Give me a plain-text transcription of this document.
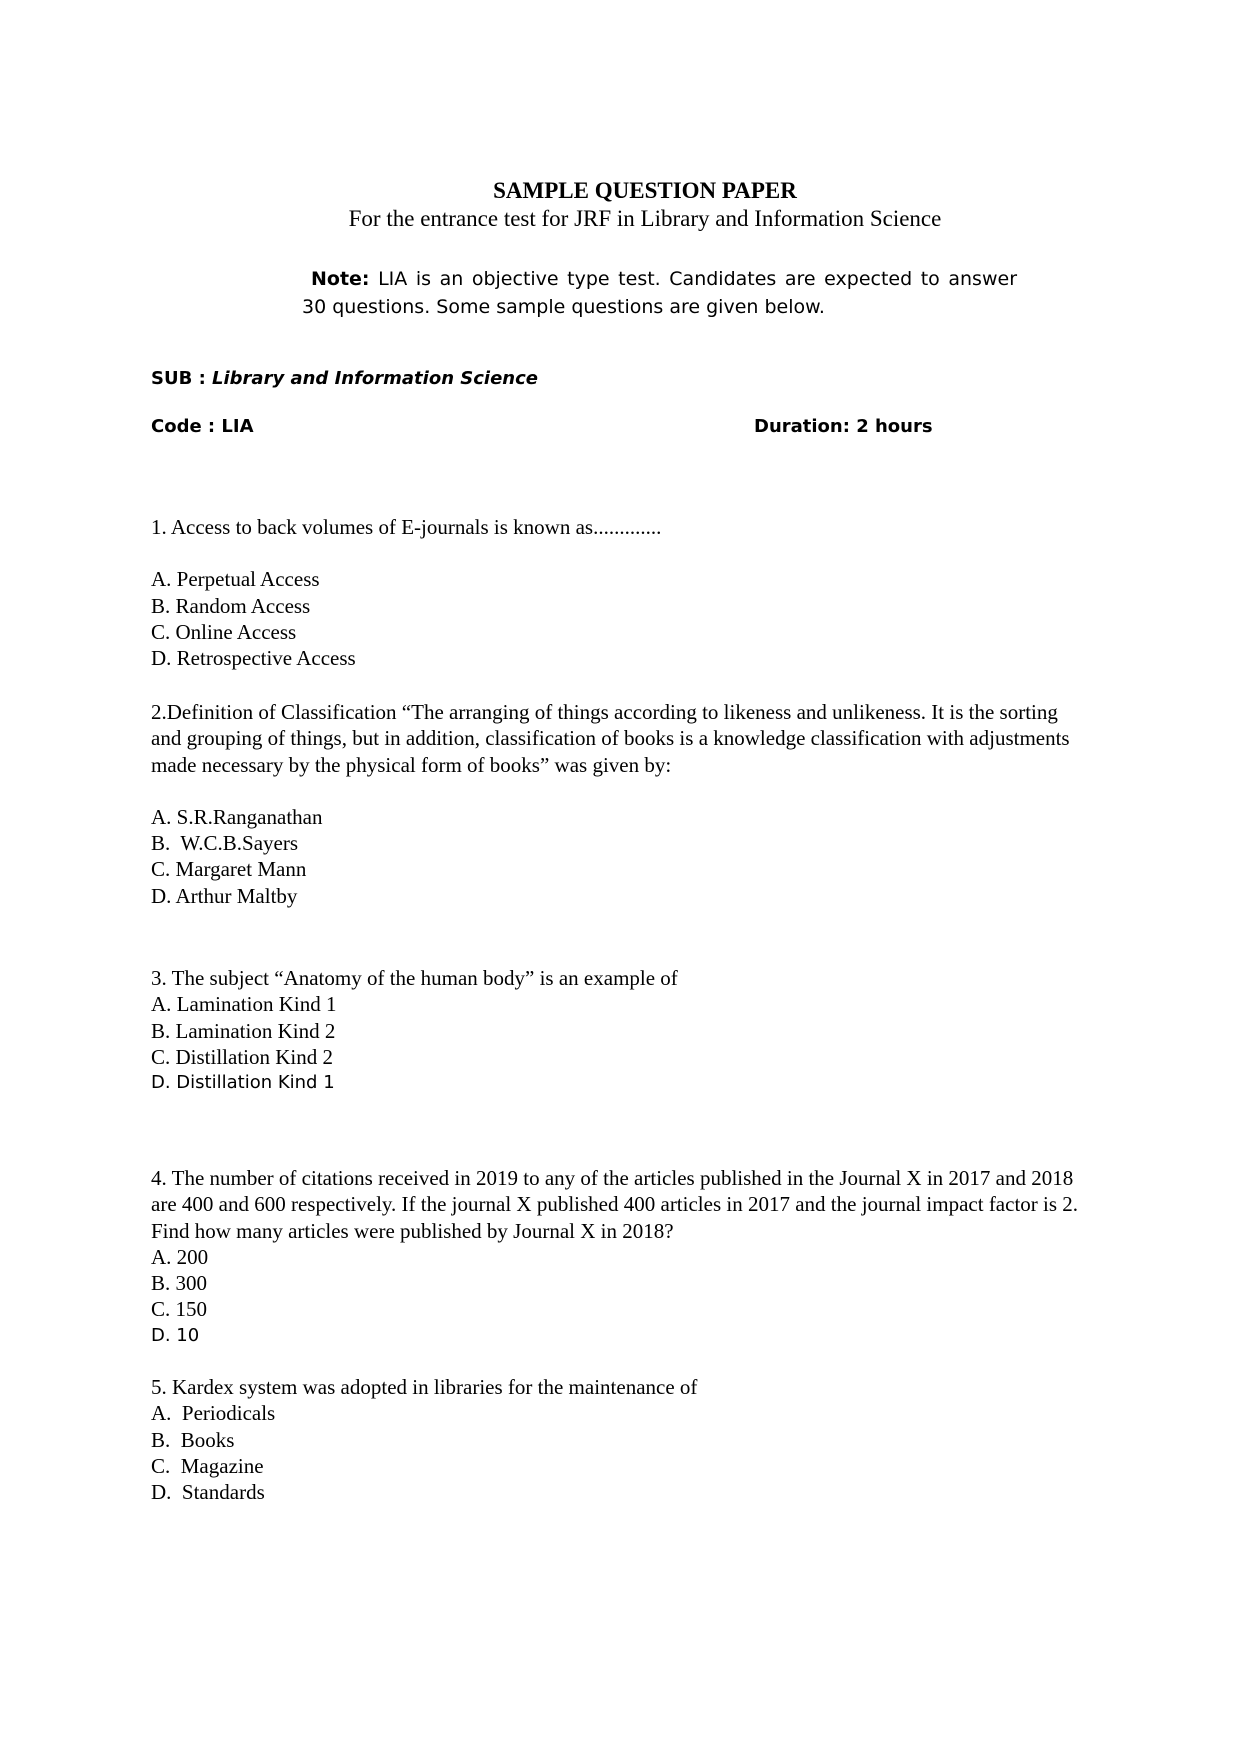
SAMPLE QUESTION PAPER
For the entrance test for JRF in Library and Information Science
Note: LIA is an objective type test. Candidates are expected to answer 30 questions. Some sample questions are given below.
SUB : Library and Information Science
Code : LIA	Duration: 2 hours
1. Access to back volumes of E-journals is known as.............
A. Perpetual Access
B. Random Access
C. Online Access
D. Retrospective Access
2.Definition of Classification “The arranging of things according to likeness and unlikeness. It is the sorting and grouping of things, but in addition, classification of books is a knowledge classification with adjustments made necessary by the physical form of books” was given by:
A. S.R.Ranganathan
B.  W.C.B.Sayers
C. Margaret Mann
D. Arthur Maltby
3. The subject “Anatomy of the human body” is an example of
A. Lamination Kind 1
B. Lamination Kind 2
C. Distillation Kind 2
D. Distillation Kind 1
4. The number of citations received in 2019 to any of the articles published in the Journal X in 2017 and 2018 are 400 and 600 respectively. If the journal X published 400 articles in 2017 and the journal impact factor is 2. Find how many articles were published by Journal X in 2018?
A. 200
B. 300
C. 150
D. 10
5. Kardex system was adopted in libraries for the maintenance of
A.  Periodicals
B.  Books
C.  Magazine
D.  Standards
